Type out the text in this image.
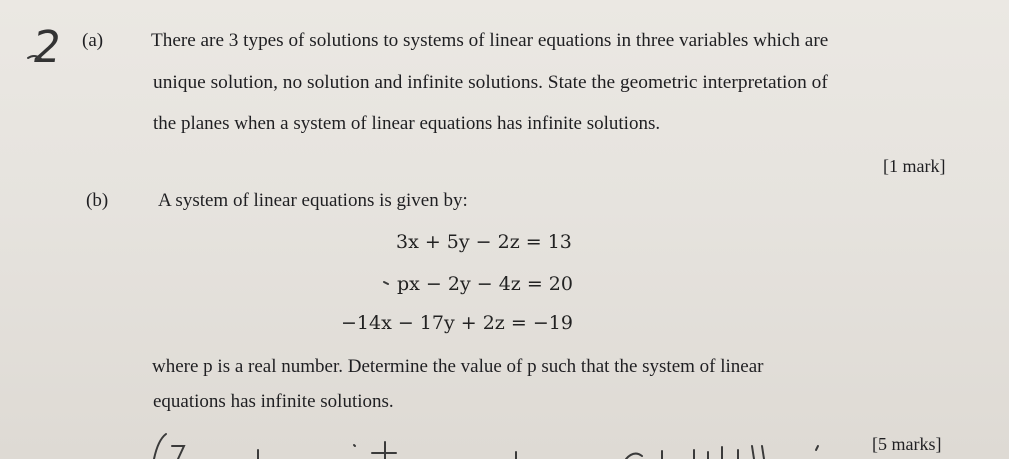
2 (a) There are 3 types of solutions to systems of linear equations in three variables which are
unique solution, no solution and infinite solutions. State the geometric interpretation of
the planes when a system of linear equations has infinite solutions.
[1 mark]
(b)	A system of linear equations is given by:
3x + 5y − 2z = 13
px − 2y − 4z = 20
−14x − 17y + 2z = −19
where p is a real number. Determine the value of p such that the system of linear
equations has infinite solutions.
[5 marks]
